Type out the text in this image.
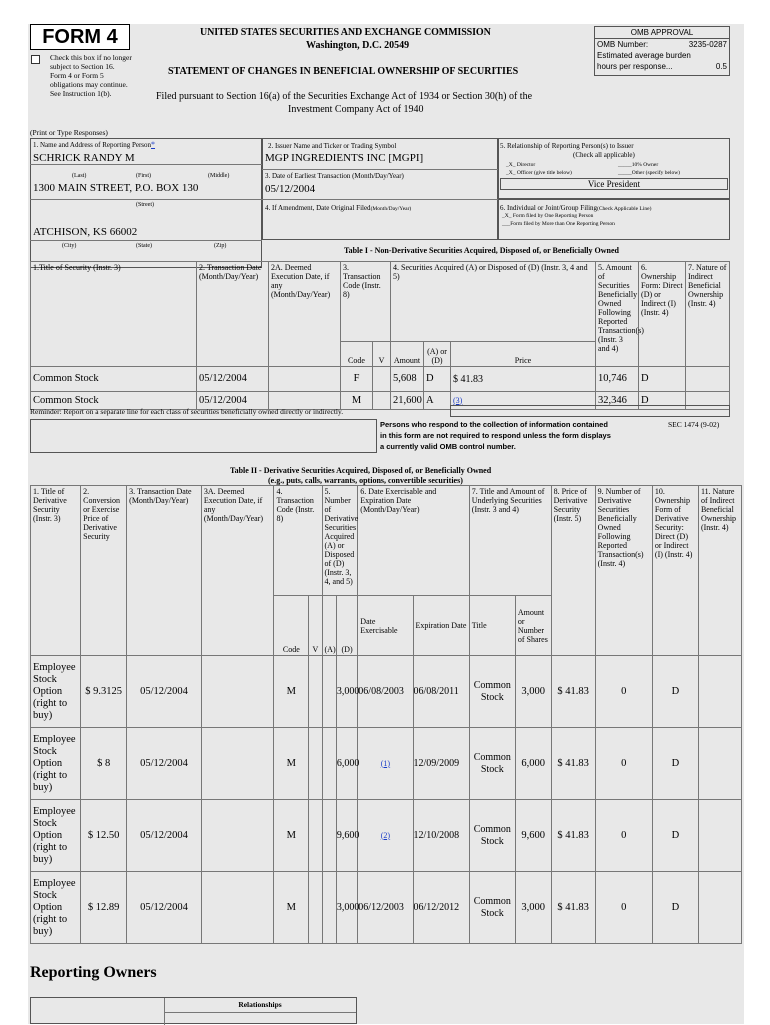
FORM 4
Check this box if no longer subject to Section 16. Form 4 or Form 5 obligations may continue. See Instruction 1(b).
UNITED STATES SECURITIES AND EXCHANGE COMMISSION
Washington, D.C. 20549
STATEMENT OF CHANGES IN BENEFICIAL OWNERSHIP OF SECURITIES
Filed pursuant to Section 16(a) of the Securities Exchange Act of 1934 or Section 30(h) of the
Investment Company Act of 1940
OMB APPROVAL
OMB Number:	3235-0287
Estimated average burden
hours per response...	0.5
(Print or Type Responses)
1. Name and Address of Reporting Person*
SCHRICK RANDY M
(Last)	(First)	(Middle)
1300 MAIN STREET, P.O. BOX 130
(Street)
ATCHISON, KS 66002
(City)	(State)	(Zip)
2. Issuer Name and Ticker or Trading Symbol
MGP INGREDIENTS INC [MGPI]
3. Date of Earliest Transaction (Month/Day/Year)
05/12/2004
4. If Amendment, Date Original Filed(Month/Day/Year)
5. Relationship of Reporting Person(s) to Issuer
(Check all applicable)
_X_ Director	_____10% Owner
_X_ Officer (give title below)	_____Other (specify below)
Vice President
6. Individual or Joint/Group Filing(Check Applicable Line)
_X_ Form filed by One Reporting Person
___Form filed by More than One Reporting Person
Table I - Non-Derivative Securities Acquired, Disposed of, or Beneficially Owned
1.Title of Security (Instr. 3)	2. Transaction Date (Month/Day/Year)	2A. Deemed Execution Date, if any (Month/Day/Year)	3. Transaction Code (Instr. 8)		4. Securities Acquired (A) or Disposed of (D) (Instr. 3, 4 and 5)			5. Amount of Securities Beneficially Owned Following Reported Transaction(s) (Instr. 3 and 4)	6. Ownership Form: Direct (D) or Indirect (I) (Instr. 4)	7. Nature of Indirect Beneficial Ownership (Instr. 4)
			Code	V	Amount	(A) or (D)	Price			
Common Stock	05/12/2004		F		5,608	D	$ 41.83	10,746	D	
Common Stock	05/12/2004		M		21,600	A	(3)	32,346	D	
Reminder: Report on a separate line for each class of securities beneficially owned directly or indirectly.
Persons who respond to the collection of information contained
in this form are not required to respond unless the form displays
a currently valid OMB control number.
SEC 1474 (9-02)
Table II - Derivative Securities Acquired, Disposed of, or Beneficially Owned
(e.g., puts, calls, warrants, options, convertible securities)
1. Title of Derivative Security (Instr. 3)	2. Conversion or Exercise Price of Derivative Security	3. Transaction Date (Month/Day/Year)	3A. Deemed Execution Date, if any (Month/Day/Year)	4. Transaction Code (Instr. 8)		5. Number of Derivative Securities Acquired (A) or Disposed of (D) (Instr. 3, 4, and 5)		6. Date Exercisable and Expiration Date (Month/Day/Year)		7. Title and Amount of Underlying Securities (Instr. 3 and 4)		8. Price of Derivative Security (Instr. 5)	9. Number of Derivative Securities Beneficially Owned Following Reported Transaction(s) (Instr. 4)	10. Ownership Form of Derivative Security: Direct (D) or Indirect (I) (Instr. 4)	11. Nature of Indirect Beneficial Ownership (Instr. 4)
				Code	V	(A)	(D)	Date Exercisable	Expiration Date	Title	Amount or Number of Shares				
Employee Stock Option (right to buy)	$ 9.3125	05/12/2004		M			3,000	06/08/2003	06/08/2011	Common Stock	3,000	$ 41.83	0	D	
Employee Stock Option (right to buy)	$ 8	05/12/2004		M			6,000	(1)	12/09/2009	Common Stock	6,000	$ 41.83	0	D	
Employee Stock Option (right to buy)	$ 12.50	05/12/2004		M			9,600	(2)	12/10/2008	Common Stock	9,600	$ 41.83	0	D	
Employee Stock Option (right to buy)	$ 12.89	05/12/2004		M			3,000	06/12/2003	06/12/2012	Common Stock	3,000	$ 41.83	0	D	
Reporting Owners
Relationships
